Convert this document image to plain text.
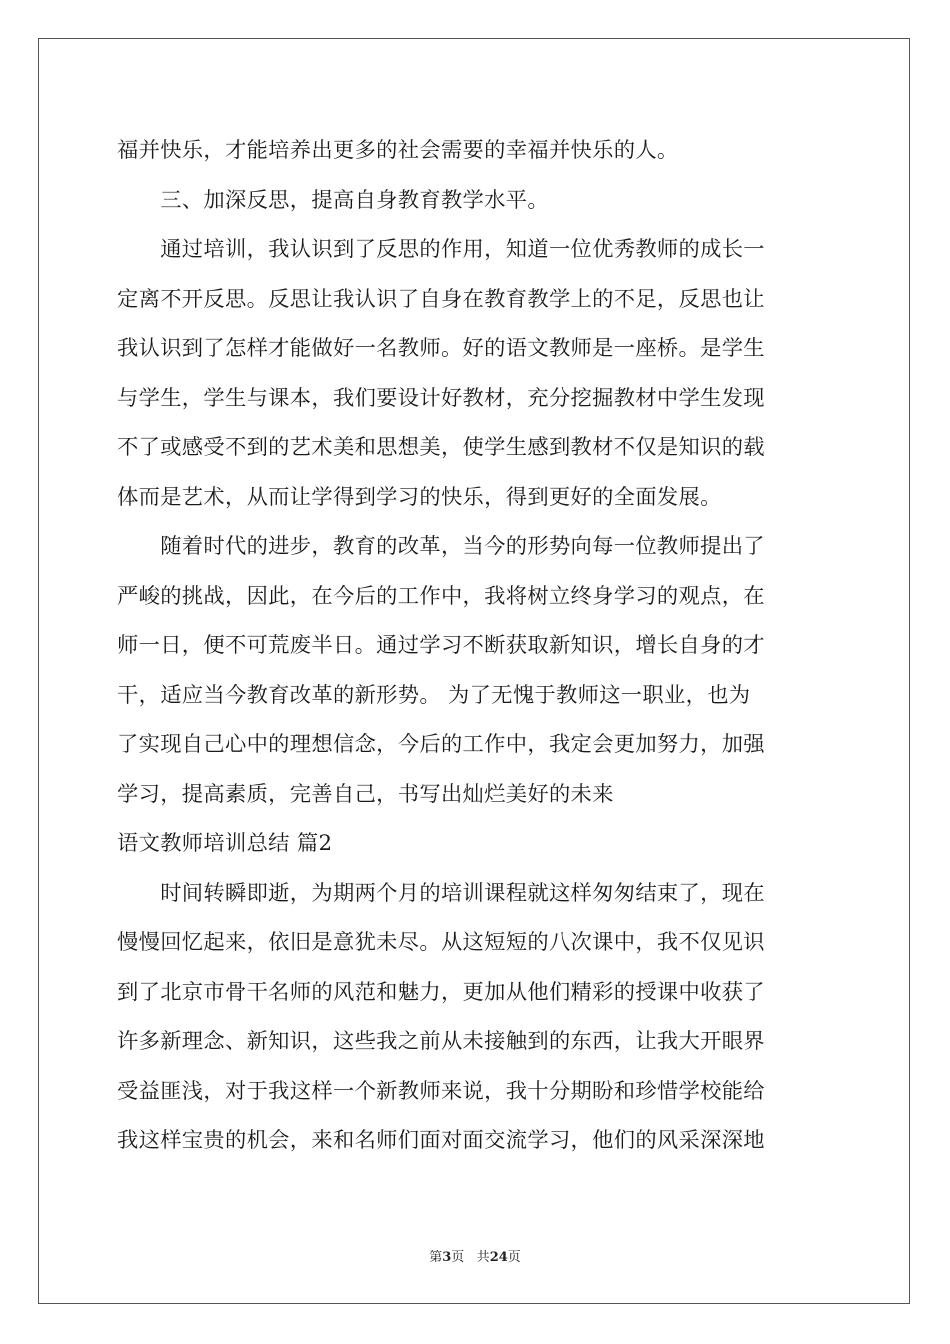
福并快乐，才能培养出更多的社会需要的幸福并快乐的人。
　　三、加深反思，提高自身教育教学水平。
　　通过培训，我认识到了反思的作用，知道一位优秀教师的成长一
定离不开反思。反思让我认识了自身在教育教学上的不足，反思也让
我认识到了怎样才能做好一名教师。好的语文教师是一座桥。是学生
与学生，学生与课本，我们要设计好教材，充分挖掘教材中学生发现
不了或感受不到的艺术美和思想美，使学生感到教材不仅是知识的载
体而是艺术，从而让学得到学习的快乐，得到更好的全面发展。
　　随着时代的进步，教育的改革，当今的形势向每一位教师提出了
严峻的挑战，因此，在今后的工作中，我将树立终身学习的观点，在
师一日，便不可荒废半日。通过学习不断获取新知识，增长自身的才
干，适应当今教育改革的新形势。 为了无愧于教师这一职业，也为
了实现自己心中的理想信念，今后的工作中，我定会更加努力，加强
学习，提高素质，完善自己，书写出灿烂美好的未来
语文教师培训总结 篇2
　　时间转瞬即逝，为期两个月的培训课程就这样匆匆结束了，现在
慢慢回忆起来，依旧是意犹未尽。从这短短的八次课中，我不仅见识
到了北京市骨干名师的风范和魅力，更加从他们精彩的授课中收获了
许多新理念、新知识，这些我之前从未接触到的东西，让我大开眼界
受益匪浅，对于我这样一个新教师来说，我十分期盼和珍惜学校能给
我这样宝贵的机会，来和名师们面对面交流学习，他们的风采深深地
第3页 共24页
